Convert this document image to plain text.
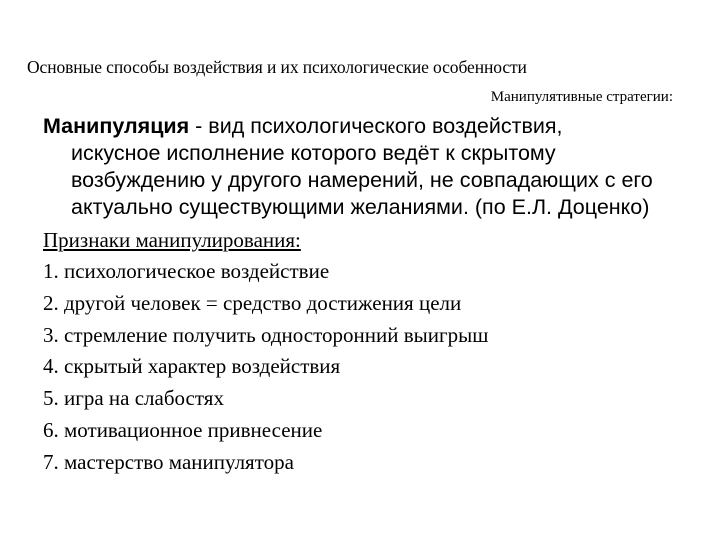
Основные способы воздействия и их психологические особенности
Манипулятивные стратегии:
Манипуляция - вид психологического воздействия,
искусное исполнение которого ведёт к скрытому
возбуждению у другого намерений, не совпадающих с его
актуально существующими желаниями. (по Е.Л. Доценко)
Признаки манипулирования:
1. психологическое воздействие
2. другой человек = средство достижения цели
3. стремление получить односторонний выигрыш
4. скрытый характер воздействия
5. игра на слабостях
6. мотивационное привнесение
7. мастерство манипулятора
